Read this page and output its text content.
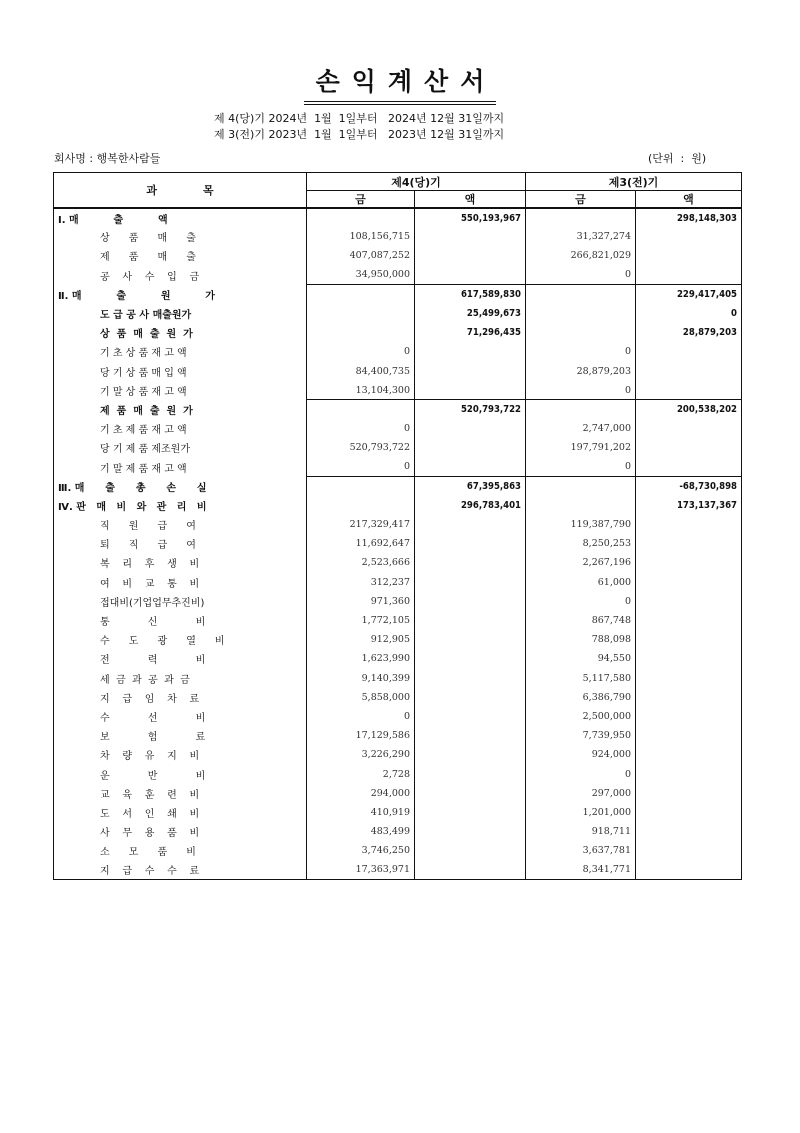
손익계산서
제 4(당)기 2024년  1월  1일부터   2024년 12월 31일까지
제 3(전)기 2023년  1월  1일부터   2023년 12월 31일까지
회사명 : 행복한사람들	(단위  :  원)
과            목	제4(당)기		제3(전)기	
	금	액	금	액
Ⅰ. 매          출          액		550,193,967		298,148,303
상      품      매      출	108,156,715		31,327,274	
제      품      매      출	407,087,252		266,821,029	
공    사    수    입    금	34,950,000		0	
Ⅱ. 매          출          원          가		617,589,830		229,417,405
도 급 공 사 매출원가		25,499,673		0
상  품  매  출  원  가		71,296,435		28,879,203
기 초 상 품 재 고 액	0		0	
당 기 상 품 매 입 액	84,400,735		28,879,203	
기 말 상 품 재 고 액	13,104,300		0	
제  품  매  출  원  가		520,793,722		200,538,202
기 초 제 품 재 고 액	0		2,747,000	
당 기 제 품 제조원가	520,793,722		197,791,202	
기 말 제 품 재 고 액	0		0	
Ⅲ. 매      출      총      손      실		67,395,863		-68,730,898
Ⅳ. 판   매   비   와   관   리   비		296,783,401		173,137,367
직      원      급      여	217,329,417		119,387,790	
퇴      직      급      여	11,692,647		8,250,253	
복    리    후    생    비	2,523,666		2,267,196	
여    비    교    통    비	312,237		61,000	
접대비(기업업무추진비)	971,360		0	
통            신            비	1,772,105		867,748	
수      도      광      열      비	912,905		788,098	
전            력            비	1,623,990		94,550	
세  금  과  공  과  금	9,140,399		5,117,580	
지    급    임    차    료	5,858,000		6,386,790	
수            선            비	0		2,500,000	
보            험            료	17,129,586		7,739,950	
차    량    유    지    비	3,226,290		924,000	
운            반            비	2,728		0	
교    육    훈    련    비	294,000		297,000	
도    서    인    쇄    비	410,919		1,201,000	
사    무    용    품    비	483,499		918,711	
소      모      품      비	3,746,250		3,637,781	
지    급    수    수    료	17,363,971		8,341,771	
